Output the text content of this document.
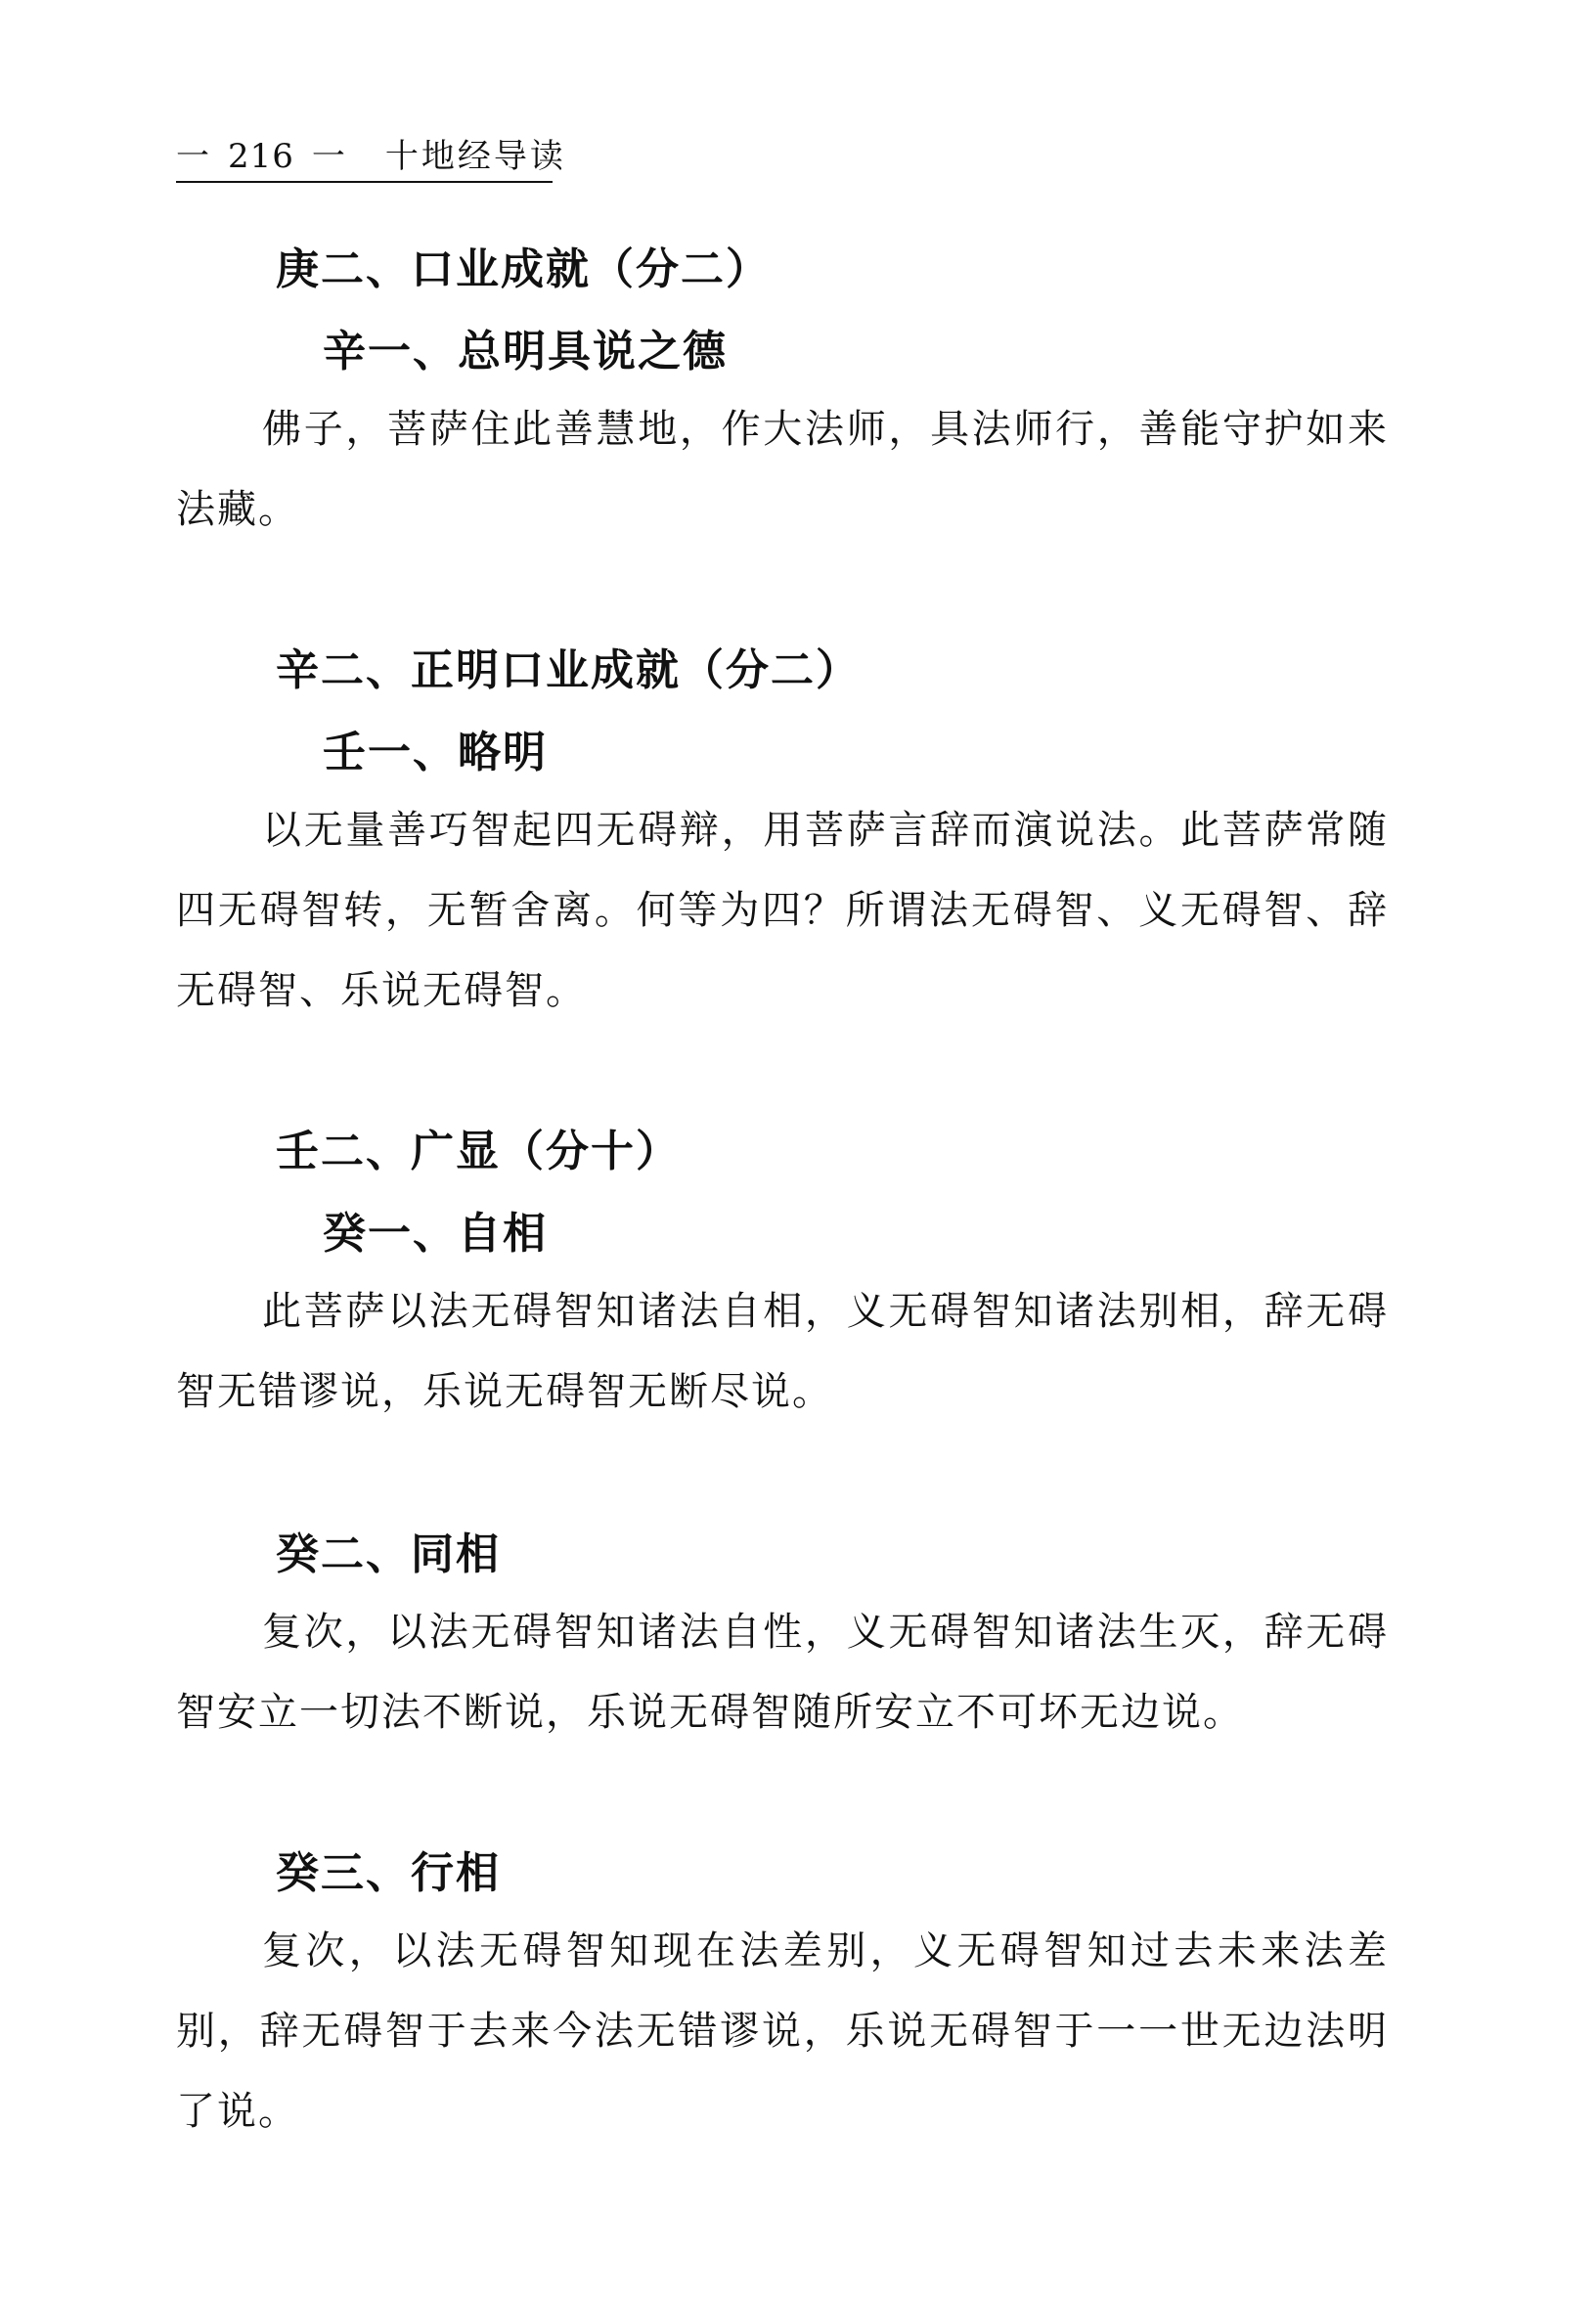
一 216 一 十地经导读
庚二、口业成就（分二）
辛一、总明具说之德

佛子，菩萨住此善慧地，作大法师，具法师行，善能守护如来法藏。

辛二、正明口业成就（分二）
壬一、略明

以无量善巧智起四无碍辩，用菩萨言辞而演说法。此菩萨常随四无碍智转，无暂舍离。何等为四？所谓法无碍智、义无碍智、辞无碍智、乐说无碍智。

壬二、广显（分十）
癸一、自相

此菩萨以法无碍智知诸法自相，义无碍智知诸法别相，辞无碍智无错谬说，乐说无碍智无断尽说。

癸二、同相

复次，以法无碍智知诸法自性，义无碍智知诸法生灭，辞无碍智安立一切法不断说，乐说无碍智随所安立不可坏无边说。

癸三、行相

复次，以法无碍智知现在法差别，义无碍智知过去未来法差别，辞无碍智于去来今法无错谬说，乐说无碍智于一一世无边法明了说。
